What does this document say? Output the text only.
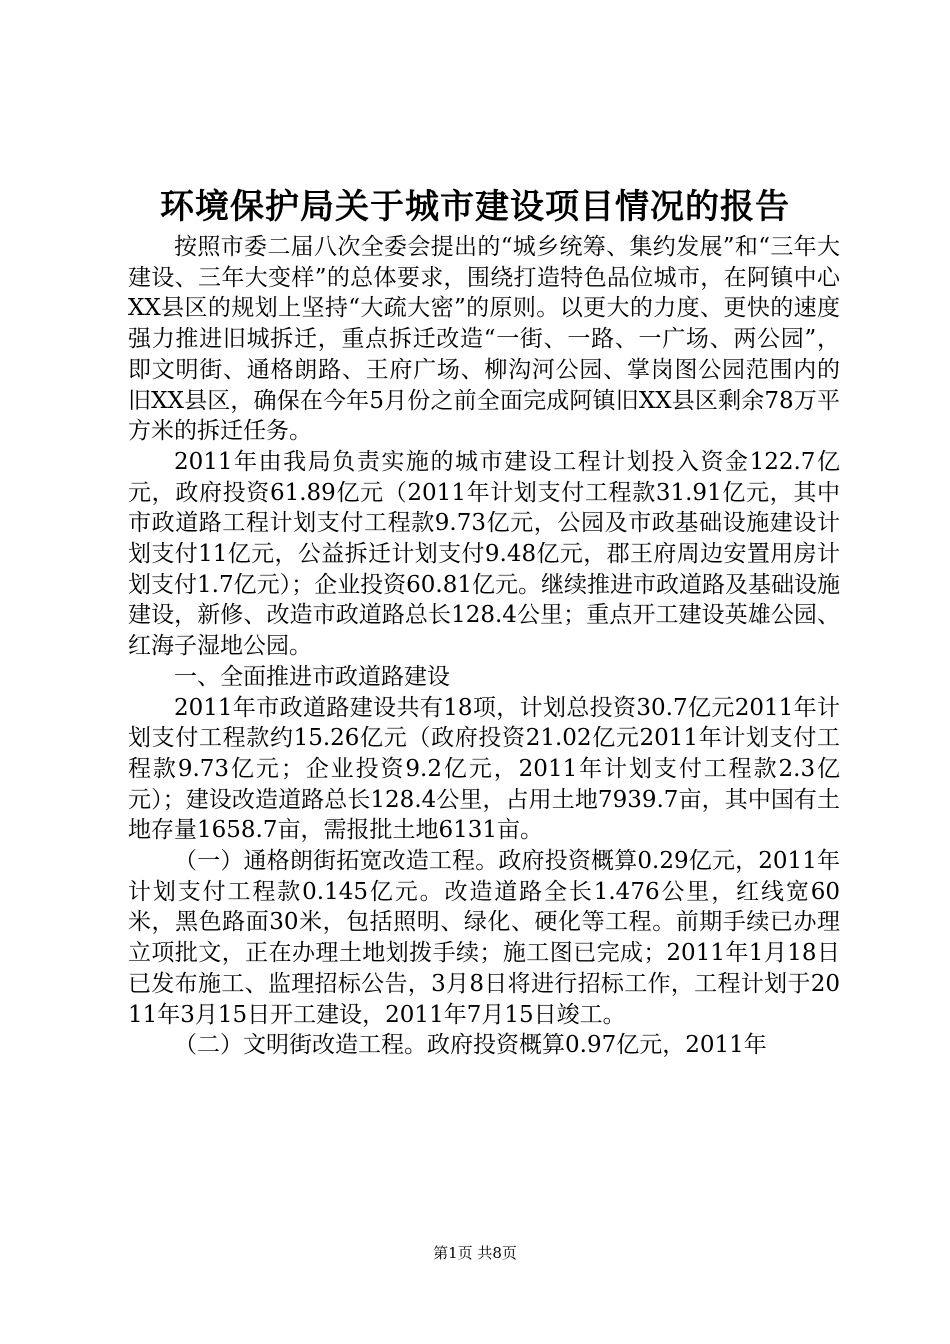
环境保护局关于城市建设项目情况的报告

按照市委二届八次全委会提出的“城乡统筹、集约发展”和“三年大建设、三年大变样”的总体要求，围绕打造特色品位城市，在阿镇中心XX县区的规划上坚持“大疏大密”的原则。以更大的力度、更快的速度强力推进旧城拆迁，重点拆迁改造“一街、一路、一广场、两公园”，即文明街、通格朗路、王府广场、柳沟河公园、掌岗图公园范围内的旧XX县区，确保在今年5月份之前全面完成阿镇旧XX县区剩余78万平方米的拆迁任务。

2011年由我局负责实施的城市建设工程计划投入资金122.7亿元，政府投资61.89亿元（2011年计划支付工程款31.91亿元，其中市政道路工程计划支付工程款9.73亿元，公园及市政基础设施建设计划支付11亿元，公益拆迁计划支付9.48亿元，郡王府周边安置用房计划支付1.7亿元）；企业投资60.81亿元。继续推进市政道路及基础设施建设，新修、改造市政道路总长128.4公里；重点开工建设英雄公园、红海子湿地公园。

一、全面推进市政道路建设

2011年市政道路建设共有18项，计划总投资30.7亿元2011年计划支付工程款约15.26亿元（政府投资21.02亿元2011年计划支付工程款9.73亿元；企业投资9.2亿元，2011年计划支付工程款2.3亿元）；建设改造道路总长128.4公里，占用土地7939.7亩，其中国有土地存量1658.7亩，需报批土地6131亩。

（一）通格朗街拓宽改造工程。政府投资概算0.29亿元，2011年计划支付工程款0.145亿元。改造道路全长1.476公里，红线宽60米，黑色路面30米，包括照明、绿化、硬化等工程。前期手续已办理立项批文，正在办理土地划拨手续；施工图已完成；2011年1月18日已发布施工、监理招标公告，3月8日将进行招标工作，工程计划于2011年3月15日开工建设，2011年7月15日竣工。

（二）文明街改造工程。政府投资概算0.97亿元，2011年

第1页 共8页
